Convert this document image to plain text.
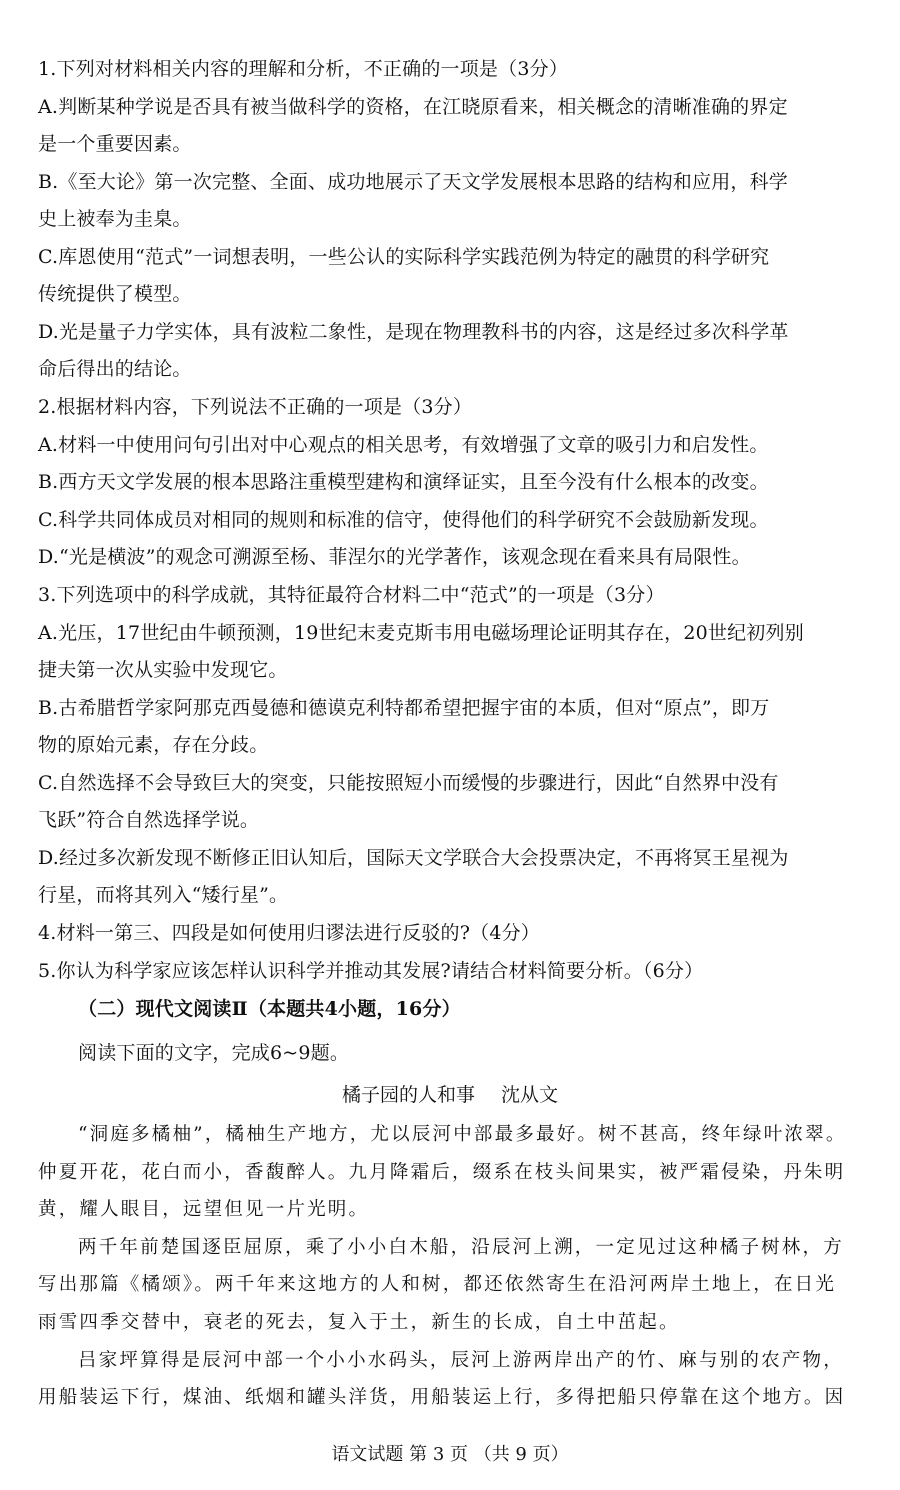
1.下列对材料相关内容的理解和分析，不正确的一项是（3分）
A.判断某种学说是否具有被当做科学的资格，在江晓原看来，相关概念的清晰准确的界定
是一个重要因素。
B.《至大论》第一次完整、全面、成功地展示了天文学发展根本思路的结构和应用，科学
史上被奉为圭臬。
C.库恩使用“范式”一词想表明，一些公认的实际科学实践范例为特定的融贯的科学研究
传统提供了模型。
D.光是量子力学实体，具有波粒二象性，是现在物理教科书的内容，这是经过多次科学革
命后得出的结论。
2.根据材料内容，下列说法不正确的一项是（3分）
A.材料一中使用问句引出对中心观点的相关思考，有效增强了文章的吸引力和启发性。
B.西方天文学发展的根本思路注重模型建构和演绎证实，且至今没有什么根本的改变。
C.科学共同体成员对相同的规则和标准的信守，使得他们的科学研究不会鼓励新发现。
D.“光是横波”的观念可溯源至杨、菲涅尔的光学著作，该观念现在看来具有局限性。
3.下列选项中的科学成就，其特征最符合材料二中“范式”的一项是（3分）
A.光压，17世纪由牛顿预测，19世纪末麦克斯韦用电磁场理论证明其存在，20世纪初列别
捷夫第一次从实验中发现它。
B.古希腊哲学家阿那克西曼德和德谟克利特都希望把握宇宙的本质，但对“原点”，即万
物的原始元素，存在分歧。
C.自然选择不会导致巨大的突变，只能按照短小而缓慢的步骤进行，因此“自然界中没有
飞跃”符合自然选择学说。
D.经过多次新发现不断修正旧认知后，国际天文学联合大会投票决定，不再将冥王星视为
行星，而将其列入“矮行星”。
4.材料一第三、四段是如何使用归谬法进行反驳的?（4分）
5.你认为科学家应该怎样认识科学并推动其发展?请结合材料简要分析。（6分）
（二）现代文阅读Ⅱ（本题共4小题，16分）
阅读下面的文字，完成6~9题。
橘子园的人和事 沈从文
“洞庭多橘柚”，橘柚生产地方，尤以辰河中部最多最好。树不甚高，终年绿叶浓翠。
仲夏开花，花白而小，香馥醉人。九月降霜后，缀系在枝头间果实，被严霜侵染，丹朱明
黄，耀人眼目，远望但见一片光明。
两千年前楚国逐臣屈原，乘了小小白木船，沿辰河上溯，一定见过这种橘子树林，方
写出那篇《橘颂》。两千年来这地方的人和树，都还依然寄生在沿河两岸土地上，在日光
雨雪四季交替中，衰老的死去，复入于土，新生的长成，自土中茁起。
吕家坪算得是辰河中部一个小小水码头，辰河上游两岸出产的竹、麻与别的农产物，
用船装运下行，煤油、纸烟和罐头洋货，用船装运上行，多得把船只停靠在这个地方。因
语文试题 第 3 页 （共 9 页）
